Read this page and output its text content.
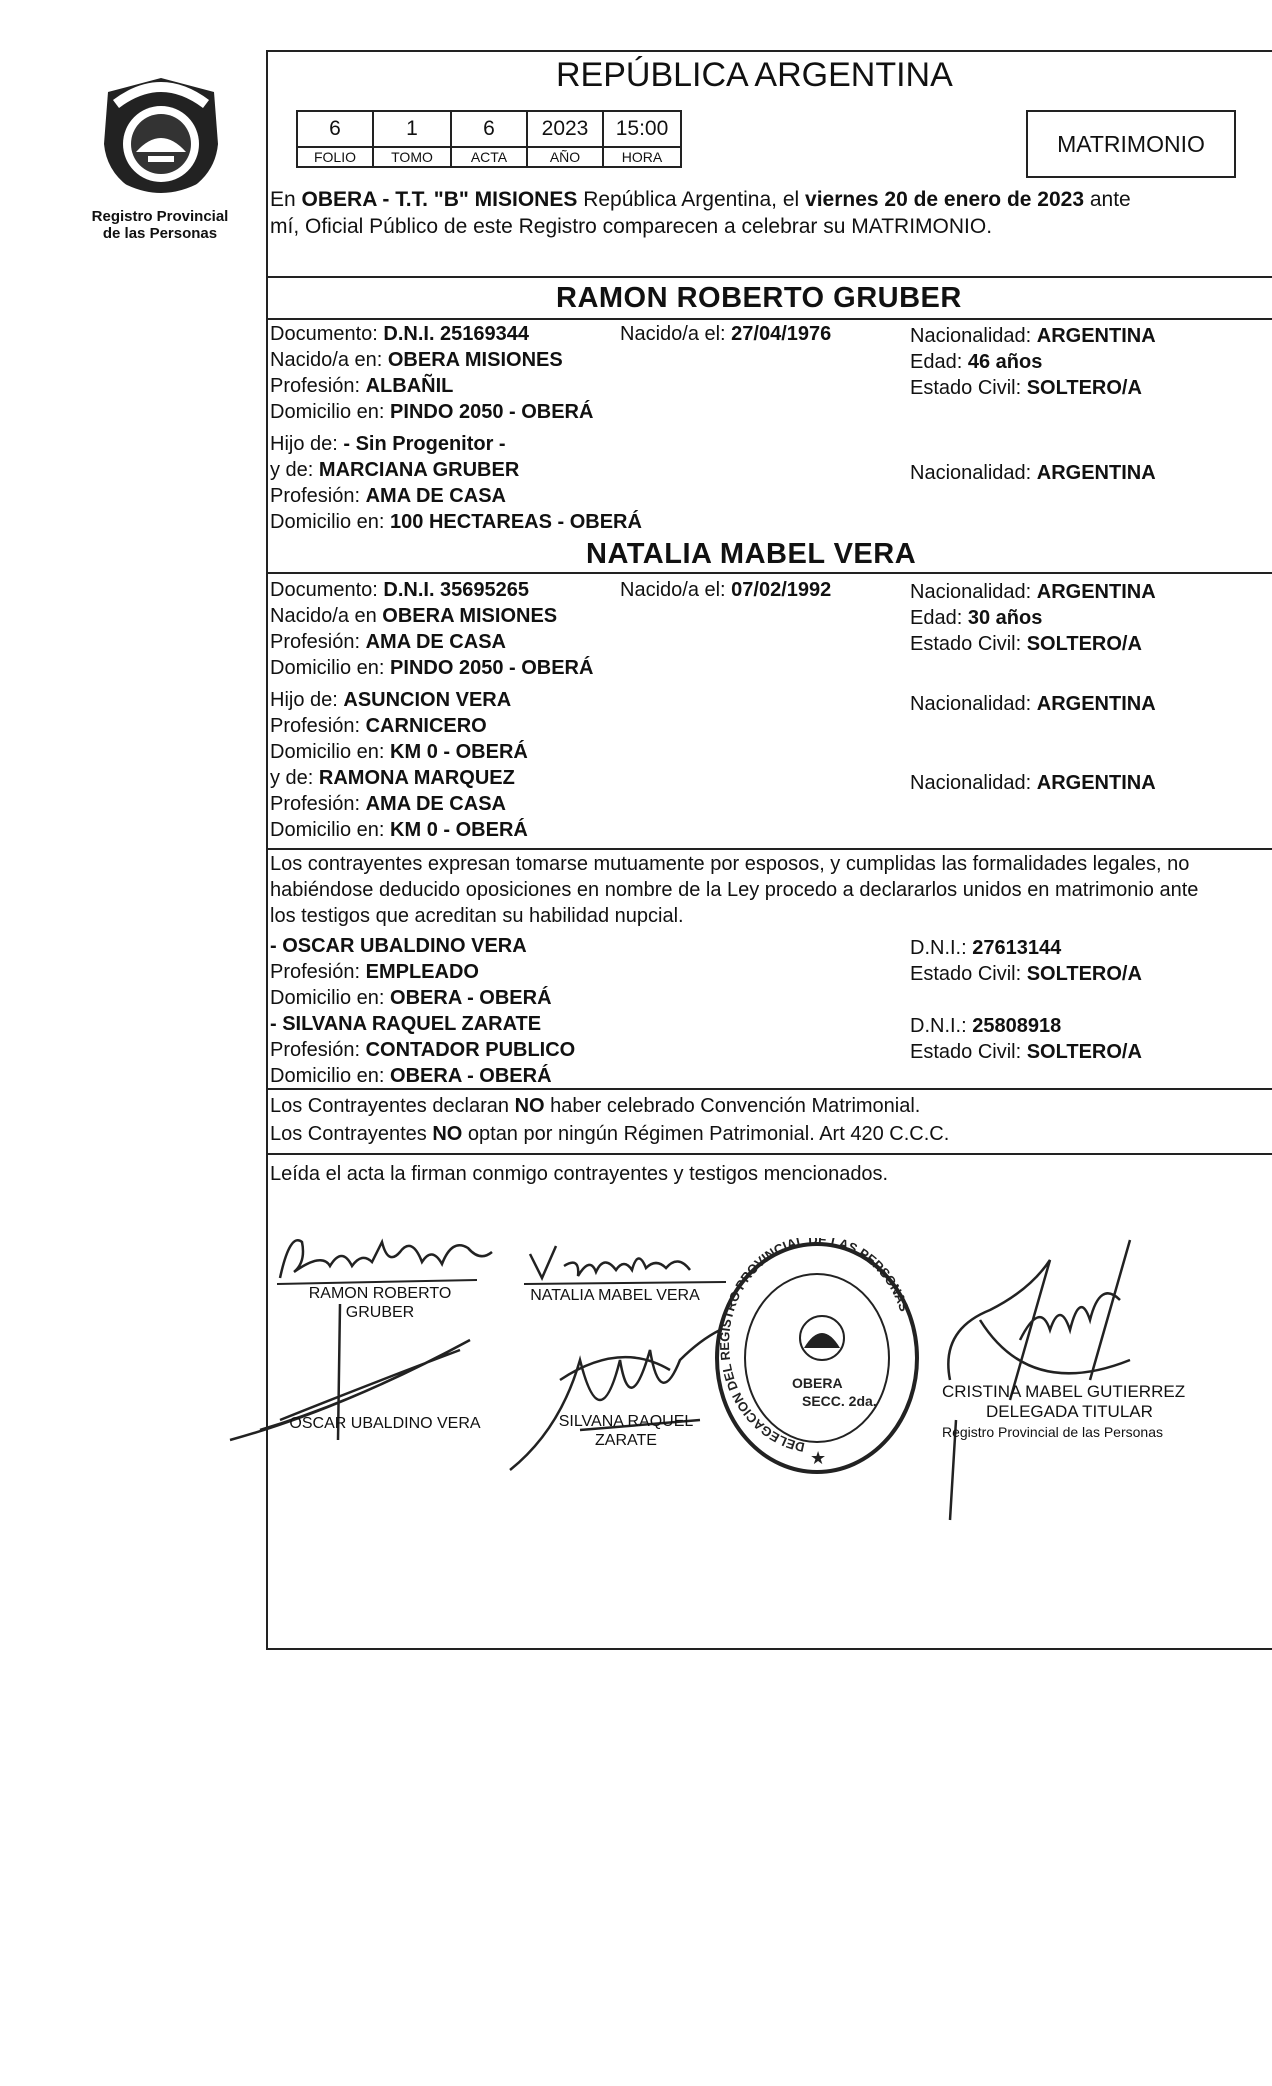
Registro Provincial
de las Personas
REPÚBLICA ARGENTINA
6	1	6	2023	15:00
FOLIO	TOMO	ACTA	AÑO	HORA
MATRIMONIO
En OBERA - T.T. "B" MISIONES República Argentina, el viernes 20 de enero de 2023 ante
mí, Oficial Público de este Registro comparecen a celebrar su MATRIMONIO.
RAMON ROBERTO GRUBER
Documento: D.N.I. 25169344	Nacido/a el: 27/04/1976	Nacionalidad: ARGENTINA
Nacido/a en: OBERA MISIONES	Edad: 46 años
Profesión: ALBAÑIL	Estado Civil: SOLTERO/A
Domicilio en: PINDO 2050 - OBERÁ
Hijo de: - Sin Progenitor -
y de: MARCIANA GRUBER	Nacionalidad: ARGENTINA
Profesión: AMA DE CASA
Domicilio en: 100 HECTAREAS - OBERÁ
NATALIA MABEL VERA
Documento: D.N.I. 35695265	Nacido/a el: 07/02/1992	Nacionalidad: ARGENTINA
Nacido/a en OBERA MISIONES	Edad: 30 años
Profesión: AMA DE CASA	Estado Civil: SOLTERO/A
Domicilio en: PINDO 2050 - OBERÁ
Hijo de: ASUNCION VERA	Nacionalidad: ARGENTINA
Profesión: CARNICERO
Domicilio en: KM 0 - OBERÁ
y de: RAMONA MARQUEZ	Nacionalidad: ARGENTINA
Profesión: AMA DE CASA
Domicilio en: KM 0 - OBERÁ
Los contrayentes expresan tomarse mutuamente por esposos, y cumplidas las formalidades legales, no
habiéndose deducido oposiciones en nombre de la Ley procedo a declararlos unidos en matrimonio ante
los testigos que acreditan su habilidad nupcial.
- OSCAR UBALDINO VERA	D.N.I.: 27613144
Profesión: EMPLEADO	Estado Civil: SOLTERO/A
Domicilio en: OBERA - OBERÁ
- SILVANA RAQUEL ZARATE	D.N.I.: 25808918
Profesión: CONTADOR PUBLICO	Estado Civil: SOLTERO/A
Domicilio en: OBERA - OBERÁ
Los Contrayentes declaran NO haber celebrado Convención Matrimonial.
Los Contrayentes NO optan por ningún Régimen Patrimonial. Art 420 C.C.C.
Leída el acta la firman conmigo contrayentes y testigos mencionados.
RAMON ROBERTO
GRUBER
NATALIA MABEL VERA
OSCAR UBALDINO VERA	SILVANA RAQUEL
ZARATE	DELEGACION DEL REGISTRO PROVINCIAL DE LAS PERSONAS
OBERA
SECC. 2da.
★
CRISTINA MABEL GUTIERREZ
DELEGADA TITULAR
Registro Provincial de las Personas
